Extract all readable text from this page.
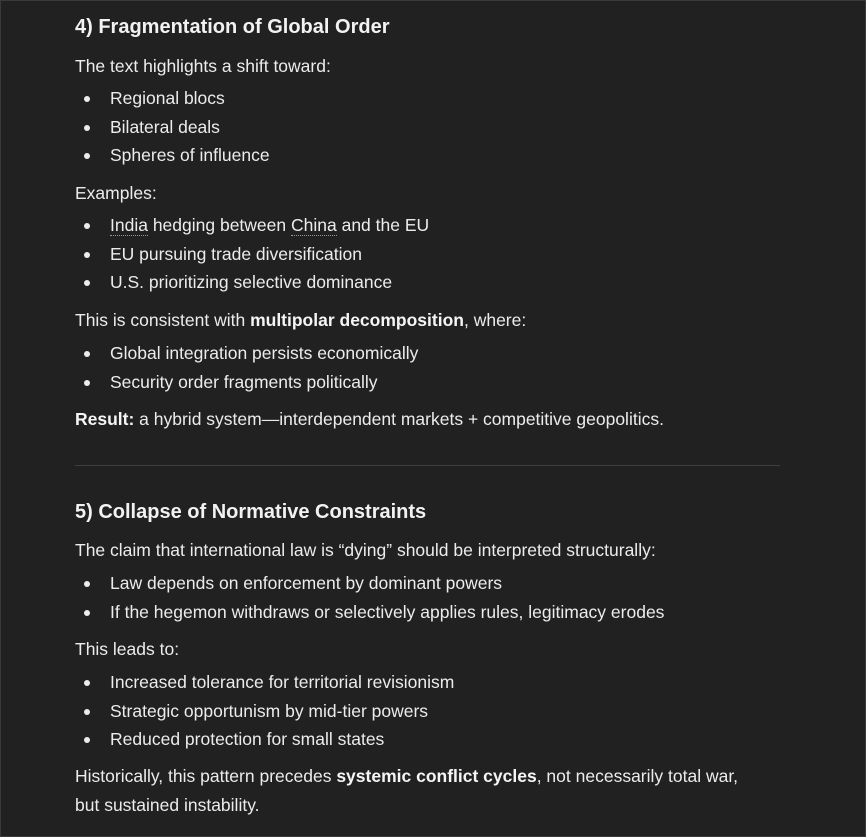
4) Fragmentation of Global Order

The text highlights a shift toward:

Regional blocs
Bilateral deals
Spheres of influence

Examples:

India hedging between China and the EU
EU pursuing trade diversification
U.S. prioritizing selective dominance

This is consistent with multipolar decomposition, where:

Global integration persists economically
Security order fragments politically

Result: a hybrid system—interdependent markets + competitive geopolitics.

5) Collapse of Normative Constraints

The claim that international law is “dying” should be interpreted structurally:

Law depends on enforcement by dominant powers
If the hegemon withdraws or selectively applies rules, legitimacy erodes

This leads to:

Increased tolerance for territorial revisionism
Strategic opportunism by mid-tier powers
Reduced protection for small states

Historically, this pattern precedes systemic conflict cycles, not necessarily total war, but sustained instability.
